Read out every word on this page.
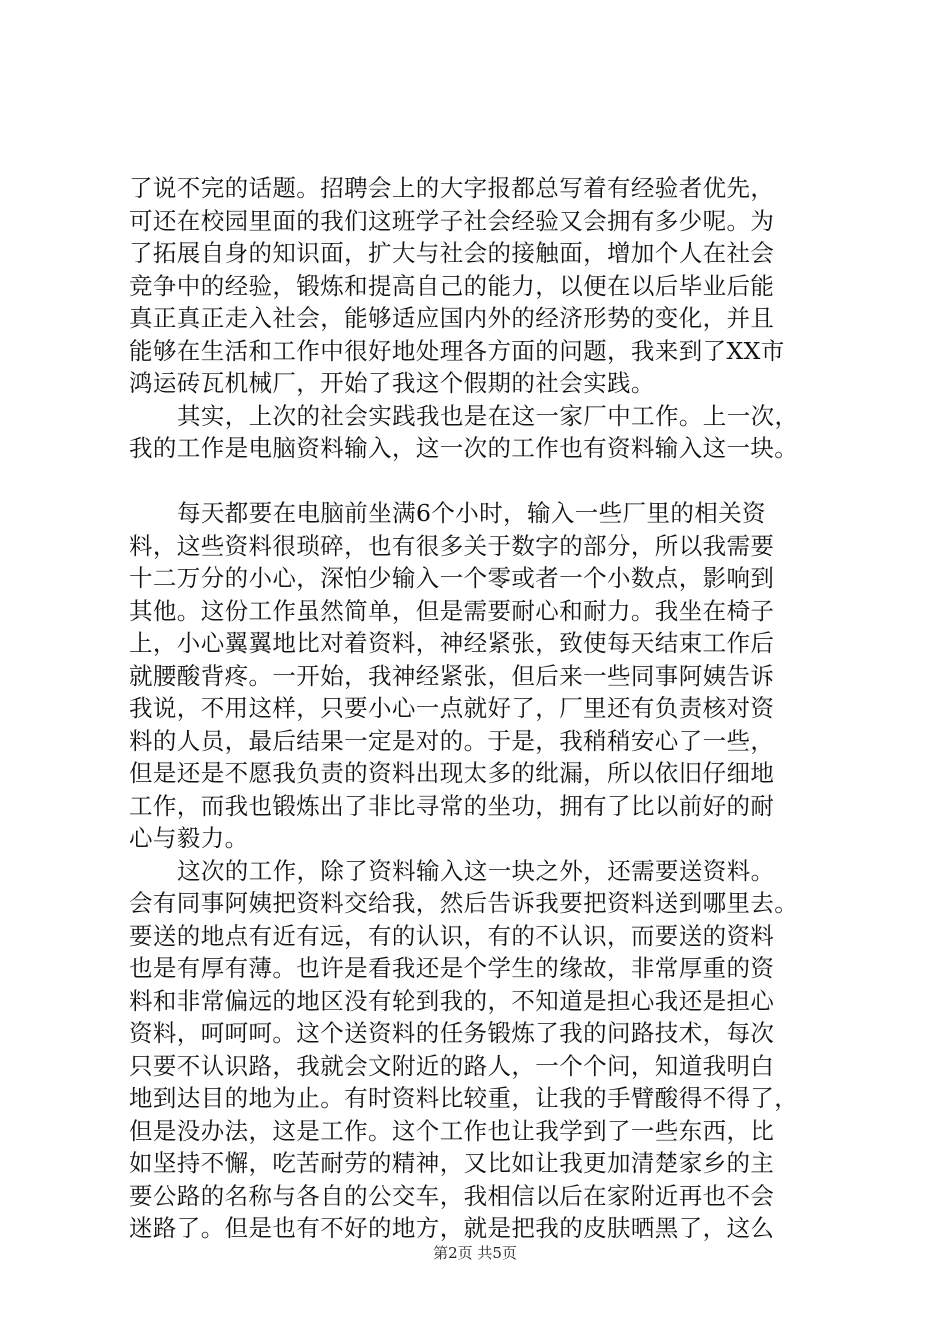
了说不完的话题。招聘会上的大字报都总写着有经验者优先，
可还在校园里面的我们这班学子社会经验又会拥有多少呢。为
了拓展自身的知识面，扩大与社会的接触面，增加个人在社会
竞争中的经验，锻炼和提高自己的能力，以便在以后毕业后能
真正真正走入社会，能够适应国内外的经济形势的变化，并且
能够在生活和工作中很好地处理各方面的问题，我来到了XX市
鸿运砖瓦机械厂，开始了我这个假期的社会实践。
其实，上次的社会实践我也是在这一家厂中工作。上一次，
我的工作是电脑资料输入，这一次的工作也有资料输入这一块。
每天都要在电脑前坐满6个小时，输入一些厂里的相关资
料，这些资料很琐碎，也有很多关于数字的部分，所以我需要
十二万分的小心，深怕少输入一个零或者一个小数点，影响到
其他。这份工作虽然简单，但是需要耐心和耐力。我坐在椅子
上，小心翼翼地比对着资料，神经紧张，致使每天结束工作后
就腰酸背疼。一开始，我神经紧张，但后来一些同事阿姨告诉
我说，不用这样，只要小心一点就好了，厂里还有负责核对资
料的人员，最后结果一定是对的。于是，我稍稍安心了一些，
但是还是不愿我负责的资料出现太多的纰漏，所以依旧仔细地
工作，而我也锻炼出了非比寻常的坐功，拥有了比以前好的耐
心与毅力。
这次的工作，除了资料输入这一块之外，还需要送资料。
会有同事阿姨把资料交给我，然后告诉我要把资料送到哪里去。
要送的地点有近有远，有的认识，有的不认识，而要送的资料
也是有厚有薄。也许是看我还是个学生的缘故，非常厚重的资
料和非常偏远的地区没有轮到我的，不知道是担心我还是担心
资料，呵呵呵。这个送资料的任务锻炼了我的问路技术，每次
只要不认识路，我就会文附近的路人，一个个问，知道我明白
地到达目的地为止。有时资料比较重，让我的手臂酸得不得了，
但是没办法，这是工作。这个工作也让我学到了一些东西，比
如坚持不懈，吃苦耐劳的精神，又比如让我更加清楚家乡的主
要公路的名称与各自的公交车，我相信以后在家附近再也不会
迷路了。但是也有不好的地方，就是把我的皮肤晒黑了，这么
第2页 共5页
